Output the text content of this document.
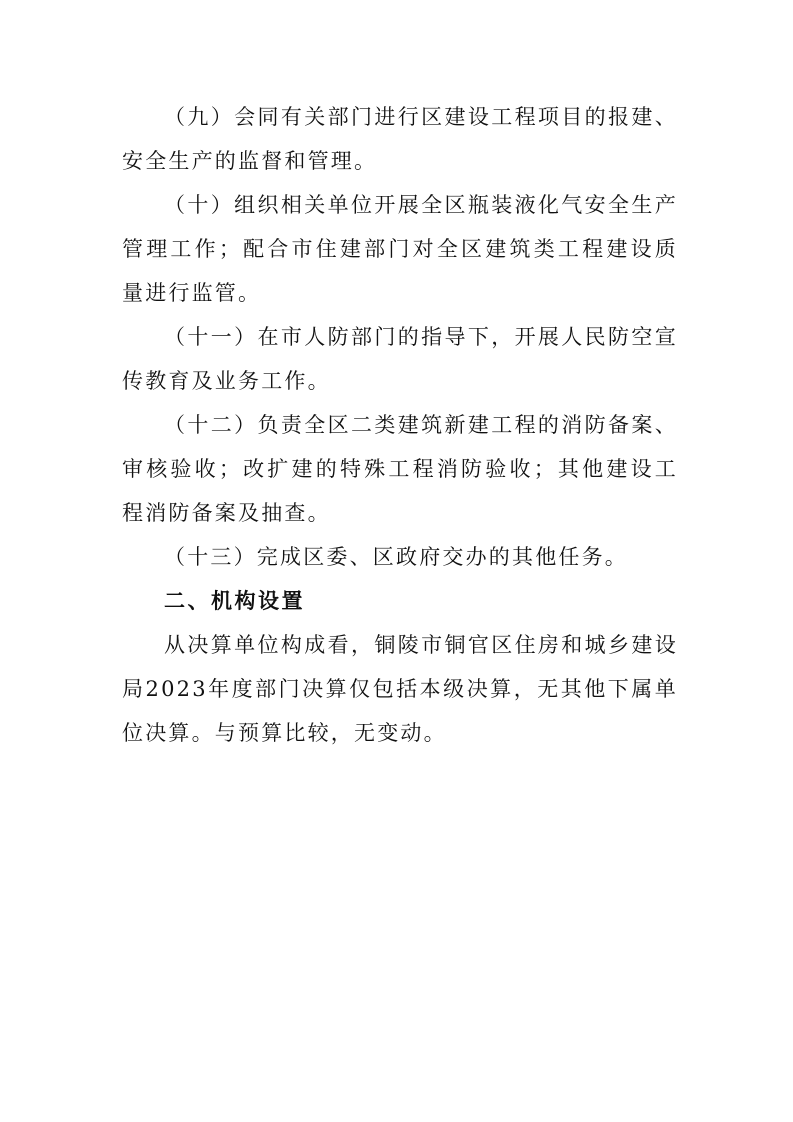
（九）会同有关部门进行区建设工程项目的报建、安全生产的监督和管理。

（十）组织相关单位开展全区瓶装液化气安全生产管理工作；配合市住建部门对全区建筑类工程建设质量进行监管。

（十一）在市人防部门的指导下，开展人民防空宣传教育及业务工作。

（十二）负责全区二类建筑新建工程的消防备案、审核验收；改扩建的特殊工程消防验收；其他建设工程消防备案及抽查。

（十三）完成区委、区政府交办的其他任务。

二、机构设置

从决算单位构成看，铜陵市铜官区住房和城乡建设局2023年度部门决算仅包括本级决算，无其他下属单位决算。与预算比较，无变动。
